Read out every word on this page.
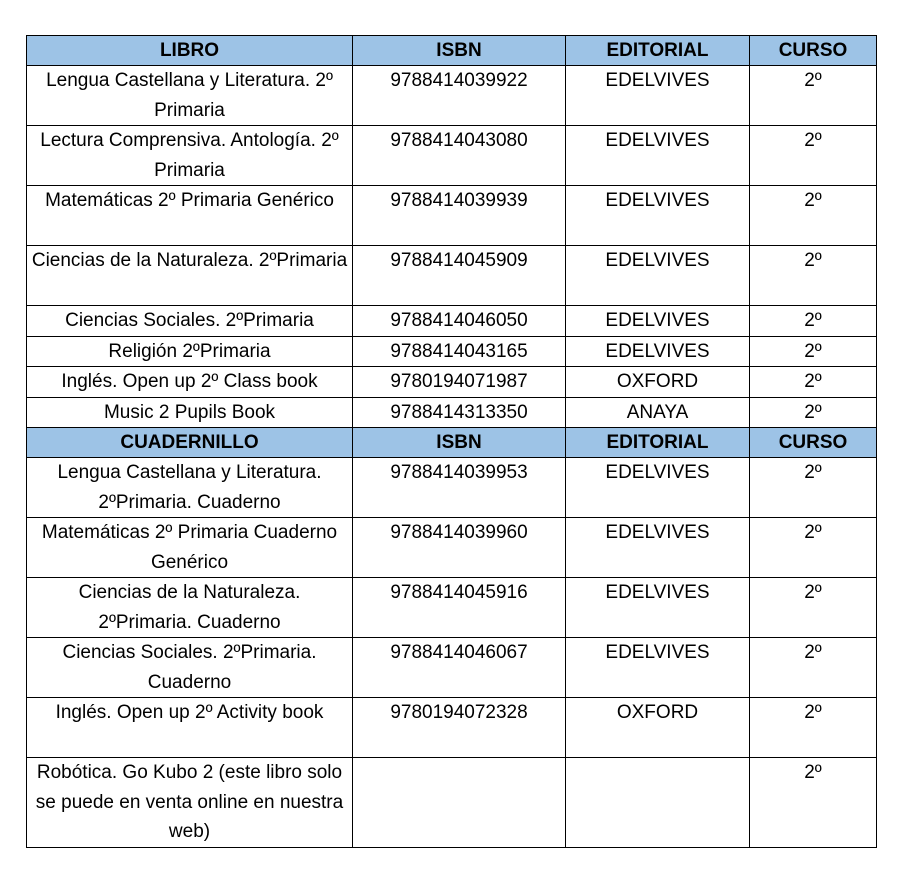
LIBRO	ISBN	EDITORIAL	CURSO
Lengua Castellana y Literatura. 2º Primaria	9788414039922	EDELVIVES	2º
Lectura Comprensiva. Antología. 2º Primaria	9788414043080	EDELVIVES	2º
Matemáticas 2º Primaria Genérico	9788414039939	EDELVIVES	2º
Ciencias de la Naturaleza. 2ºPrimaria	9788414045909	EDELVIVES	2º
Ciencias Sociales. 2ºPrimaria	9788414046050	EDELVIVES	2º
Religión 2ºPrimaria	9788414043165	EDELVIVES	2º
Inglés. Open up 2º Class book	9780194071987	OXFORD	2º
Music 2 Pupils Book	9788414313350	ANAYA	2º
CUADERNILLO	ISBN	EDITORIAL	CURSO
Lengua Castellana y Literatura. 2ºPrimaria. Cuaderno	9788414039953	EDELVIVES	2º
Matemáticas 2º Primaria Cuaderno Genérico	9788414039960	EDELVIVES	2º
Ciencias de la Naturaleza. 2ºPrimaria. Cuaderno	9788414045916	EDELVIVES	2º
Ciencias Sociales. 2ºPrimaria. Cuaderno	9788414046067	EDELVIVES	2º
Inglés. Open up 2º Activity book	9780194072328	OXFORD	2º
Robótica. Go Kubo 2 (este libro solo se puede en venta online en nuestra web)			2º
